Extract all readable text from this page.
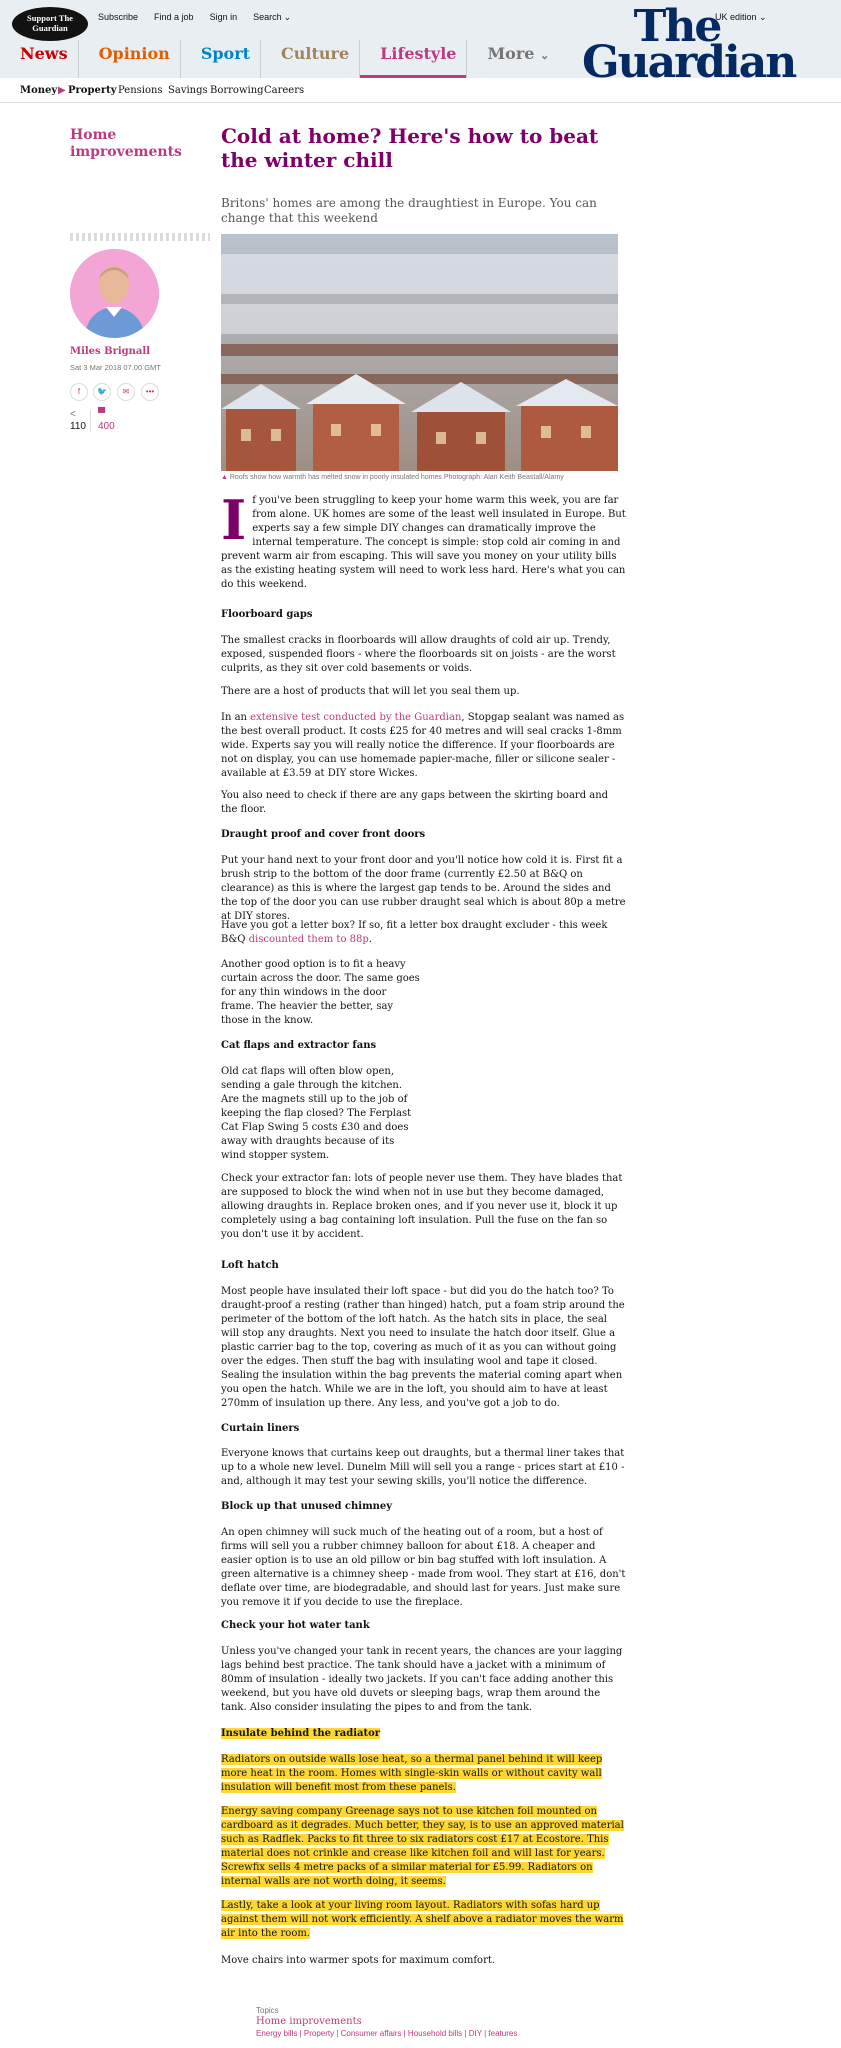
Support The Guardian
Subscribe Find a job Sign in Search ⌄	UK edition ⌄
The
Guardian
News	Opinion	Sport	Culture	Lifestyle	More ⌄
Money ▶ Property Pensions Savings Borrowing Careers
Home improvements
Miles Brignall
Sat 3 Mar 2018 07.00 GMT
f	🐦	✉	•••
<
110
▀
400
Cold at home? Here's how to beat the winter chill
Britons' homes are among the draughtiest in Europe. You can change that this weekend
▲ Roofs show how warmth has melted snow in poorly insulated homes Photograph: Alan Keith Beastall/Alamy
If you've been struggling to keep your home warm this week, you are far from alone. UK homes are some of the least well insulated in Europe. But experts say a few simple DIY changes can dramatically improve the internal temperature. The concept is simple: stop cold air coming in and prevent warm air from escaping. This will save you money on your utility bills as the existing heating system will need to work less hard. Here's what you can do this weekend.
Floorboard gaps

The smallest cracks in floorboards will allow draughts of cold air up. Trendy, exposed, suspended floors - where the floorboards sit on joists - are the worst culprits, as they sit over cold basements or voids.

There are a host of products that will let you seal them up.

In an extensive test conducted by the Guardian, Stopgap sealant was named as the best overall product. It costs £25 for 40 metres and will seal cracks 1-8mm wide. Experts say you will really notice the difference. If your floorboards are not on display, you can use homemade papier-mache, filler or silicone sealer - available at £3.59 at DIY store Wickes.

You also need to check if there are any gaps between the skirting board and the floor.

Draught proof and cover front doors

Put your hand next to your front door and you'll notice how cold it is. First fit a brush strip to the bottom of the door frame (currently £2.50 at B&Q on clearance) as this is where the largest gap tends to be. Around the sides and the top of the door you can use rubber draught seal which is about 80p a metre at DIY stores.

Have you got a letter box? If so, fit a letter box draught excluder - this week B&Q discounted them to 88p.

Another good option is to fit a heavy curtain across the door. The same goes for any thin windows in the door frame. The heavier the better, say those in the know.

Cat flaps and extractor fans

Old cat flaps will often blow open, sending a gale through the kitchen. Are the magnets still up to the job of keeping the flap closed? The Ferplast Cat Flap Swing 5 costs £30 and does away with draughts because of its wind stopper system.

Check your extractor fan: lots of people never use them. They have blades that are supposed to block the wind when not in use but they become damaged, allowing draughts in. Replace broken ones, and if you never use it, block it up completely using a bag containing loft insulation. Pull the fuse on the fan so you don't use it by accident.

Loft hatch

Most people have insulated their loft space - but did you do the hatch too? To draught-proof a resting (rather than hinged) hatch, put a foam strip around the perimeter of the bottom of the loft hatch. As the hatch sits in place, the seal will stop any draughts. Next you need to insulate the hatch door itself. Glue a plastic carrier bag to the top, covering as much of it as you can without going over the edges. Then stuff the bag with insulating wool and tape it closed. Sealing the insulation within the bag prevents the material coming apart when you open the hatch. While we are in the loft, you should aim to have at least 270mm of insulation up there. Any less, and you've got a job to do.

Curtain liners

Everyone knows that curtains keep out draughts, but a thermal liner takes that up to a whole new level. Dunelm Mill will sell you a range - prices start at £10 - and, although it may test your sewing skills, you'll notice the difference.

Block up that unused chimney

An open chimney will suck much of the heating out of a room, but a host of firms will sell you a rubber chimney balloon for about £18. A cheaper and easier option is to use an old pillow or bin bag stuffed with loft insulation. A green alternative is a chimney sheep - made from wool. They start at £16, don't deflate over time, are biodegradable, and should last for years. Just make sure you remove it if you decide to use the fireplace.

Check your hot water tank

Unless you've changed your tank in recent years, the chances are your lagging lags behind best practice. The tank should have a jacket with a minimum of 80mm of insulation - ideally two jackets. If you can't face adding another this weekend, but you have old duvets or sleeping bags, wrap them around the tank. Also consider insulating the pipes to and from the tank.

Insulate behind the radiator

Radiators on outside walls lose heat, so a thermal panel behind it will keep more heat in the room. Homes with single-skin walls or without cavity wall insulation will benefit most from these panels.

Energy saving company Greenage says not to use kitchen foil mounted on cardboard as it degrades. Much better, they say, is to use an approved material such as Radflek. Packs to fit three to six radiators cost £17 at Ecostore. This material does not crinkle and crease like kitchen foil and will last for years. Screwfix sells 4 metre packs of a similar material for £5.99. Radiators on internal walls are not worth doing, it seems.

Lastly, take a look at your living room layout. Radiators with sofas hard up against them will not work efficiently. A shelf above a radiator moves the warm air into the room.

Move chairs into warmer spots for maximum comfort.

Topics
Home improvements
Energy bills | Property | Consumer affairs | Household bills | DIY | features
